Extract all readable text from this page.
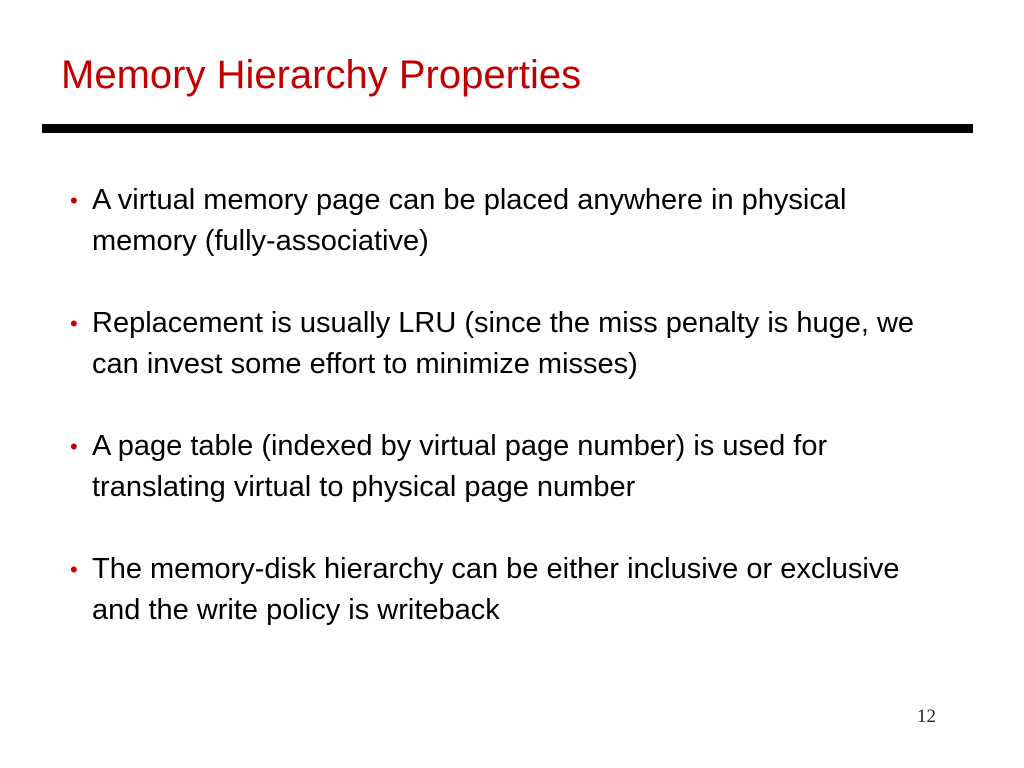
Memory Hierarchy Properties
• A virtual memory page can be placed anywhere in physical memory (fully-associative)
• Replacement is usually LRU (since the miss penalty is huge, we can invest some effort to minimize misses)
• A page table (indexed by virtual page number) is used for translating virtual to physical page number
• The memory-disk hierarchy can be either inclusive or exclusive and the write policy is writeback
12
